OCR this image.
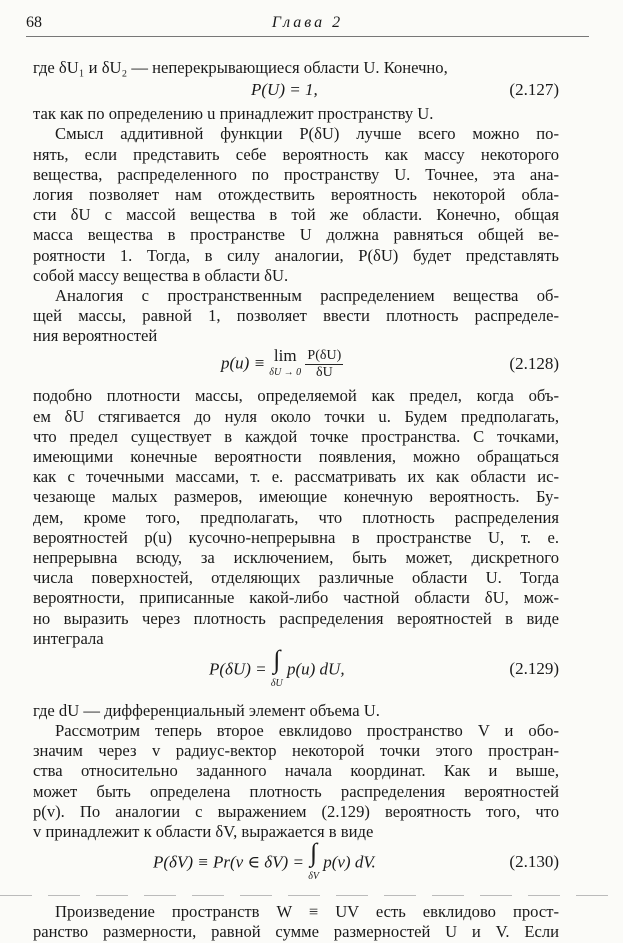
68	Глава 2
где δU₁ и δU₂ — неперекрывающиеся области U. Конечно,
P(U) = 1,	(2.127)
так как по определению u принадлежит пространству U.
Смысл аддитивной функции P(δU) лучше всего можно по-
нять, если представить себе вероятность как массу некоторого
вещества, распределенного по пространству U. Точнее, эта ана-
логия позволяет нам отождествить вероятность некоторой обла-
сти δU с массой вещества в той же области. Конечно, общая
масса вещества в пространстве U должна равняться общей ве-
роятности 1. Тогда, в силу аналогии, P(δU) будет представлять
собой массу вещества в области δU.
Аналогия с пространственным распределением вещества об-
щей массы, равной 1, позволяет ввести плотность распределе-
ния вероятностей
p(u) ≡ lim
$\delta U \to 0 \frac{P(\delta U)}{\delta U}$	(2.128)
подобно плотности массы, определяемой как предел, когда объ-
ем δU стягивается до нуля около точки u. Будем предполагать,
что предел существует в каждой точке пространства. С точками,
имеющими конечные вероятности появления, можно обращаться
как с точечными массами, т. е. рассматривать их как области ис-
чезающе малых размеров, имеющие конечную вероятность. Бу-
дем, кроме того, предполагать, что плотность распределения
вероятностей p(u) кусочно-непрерывна в пространстве U, т. е.
непрерывна всюду, за исключением, быть может, дискретного
числа поверхностей, отделяющих различные области U. Тогда
вероятности, приписанные какой-либо частной области δU, мож-
но выразить через плотность распределения вероятностей в виде
интеграла
P(δU) = ∫
δU p(u) dU,	(2.129)
где dU — дифференциальный элемент объема U.
Рассмотрим теперь второе евклидово пространство V и обо-
значим через v радиус-вектор некоторой точки этого простран-
ства относительно заданного начала координат. Как и выше,
может быть определена плотность распределения вероятностей
p(v). По аналогии с выражением (2.129) вероятность того, что
v принадлежит к области δV, выражается в виде
P(δV) ≡ Pr(v ∈ δV) = ∫
δV p(v) dV.	(2.130)
Произведение пространств W ≡ UV есть евклидово прост-
ранство размерности, равной сумме размерностей U и V. Если
